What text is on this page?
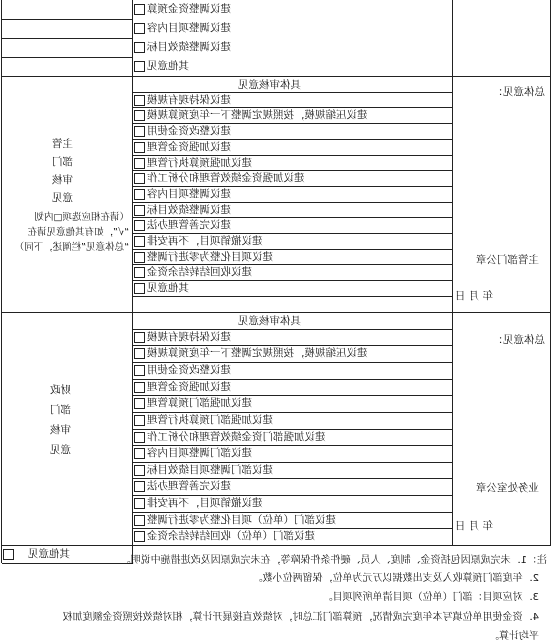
建议调整资金预算
建议调整项目内容
建议调整绩效目标
其他意见
主管
部门
审核
意见
（请在相应选项□内划
“√”，如有其他意见请在
“总体意见”栏阐述，下同）
具体审核意见
总体意见：
建议保持现有规模
建议压缩规模，按照规定调整下一年度预算规模
建议整改资金使用
建议加强资金管理
建议加强预算执行管理
建议加强资金绩效管理和分析工作
建议调整项目内容
建议调整绩效目标
建议完善管理办法
建议撤销项目，不再安排
建议项目化整为零进行调整
建议收回结转结余资金
其他意见
主管部门公章
年 月 日
财政
部门
审核
意见
具体审核意见
总体意见：
建议保持现有规模
建议压缩规模，按照规定调整下一年度预算规模
建议整改资金使用
建议加强资金管理
建议加强部门预算管理
建议加强部门预算执行管理
建议加强部门资金绩效管理和分析工作
建议部门调整项目内容
建议部门调整项目绩效目标
建议完善管理办法
建议撤销项目，不再安排
建议部门（单位）项目化整为零进行调整
建议部门（单位）收回结转结余资金
业务处室公章
年 月 日
其他意见
注：1．未完成原因包括资金、制度、人员、硬件条件保障等，在未完成原因及改进措施中说明。
2．年度部门预算收入及支出数据以万元为单位，保留两位小数。
3．对应项目：部门（单位）项目清单所列项目。
4．资金使用单位填写本年度完成情况，预算部门汇总时，对绩效直接展开计算，相对绩效按照资金额度加权
平均计算。
